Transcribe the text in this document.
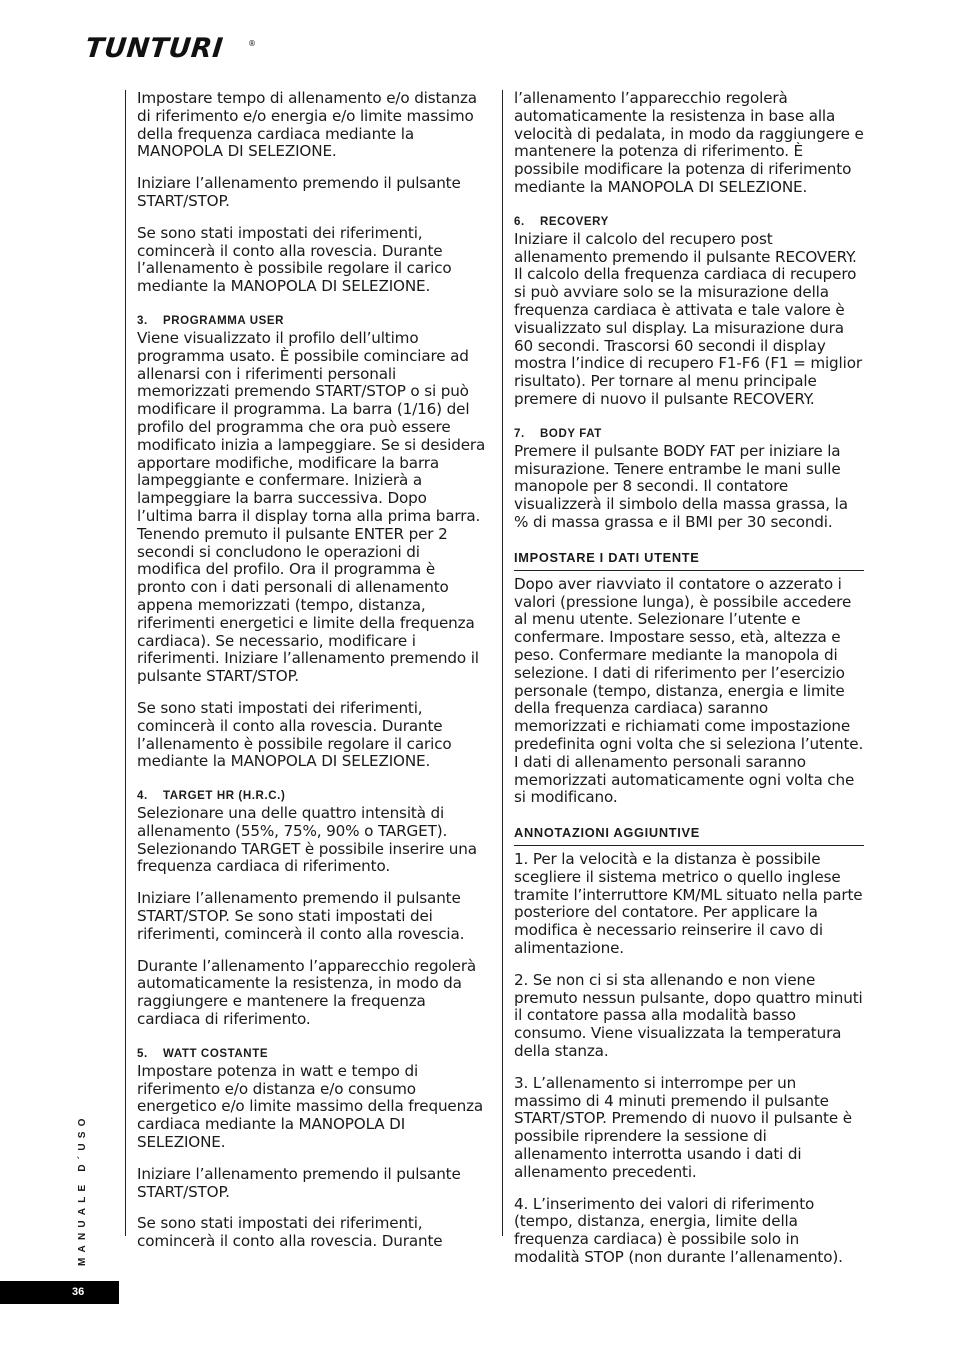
TUNTURI	®

Impostare tempo di allenamento e/o distanza di riferimento e/o energia e/o limite massimo della frequenza cardiaca mediante la MANOPOLA DI SELEZIONE.

Iniziare l’allenamento premendo il pulsante START/STOP.

Se sono stati impostati dei riferimenti, comincerà il conto alla rovescia. Durante l’allenamento è possibile regolare il carico mediante la MANOPOLA DI SELEZIONE.

3. PROGRAMMA USER

Viene visualizzato il profilo dell’ultimo programma usato. È possibile cominciare ad allenarsi con i riferimenti personali memorizzati premendo START/STOP o si può modificare il programma. La barra (1/16) del profilo del programma che ora può essere modificato inizia a lampeggiare. Se si desidera apportare modifiche, modificare la barra lampeggiante e confermare. Inizierà a lampeggiare la barra successiva. Dopo l’ultima barra il display torna alla prima barra. Tenendo premuto il pulsante ENTER per 2 secondi si concludono le operazioni di modifica del profilo. Ora il programma è pronto con i dati personali di allenamento appena memorizzati (tempo, distanza, riferimenti energetici e limite della frequenza cardiaca). Se necessario, modificare i riferimenti. Iniziare l’allenamento premendo il pulsante START/STOP.

Se sono stati impostati dei riferimenti, comincerà il conto alla rovescia. Durante l’allenamento è possibile regolare il carico mediante la MANOPOLA DI SELEZIONE.

4. TARGET HR (H.R.C.)

Selezionare una delle quattro intensità di allenamento (55%, 75%, 90% o TARGET). Selezionando TARGET è possibile inserire una frequenza cardiaca di riferimento.

Iniziare l’allenamento premendo il pulsante START/STOP. Se sono stati impostati dei riferimenti, comincerà il conto alla rovescia.

Durante l’allenamento l’apparecchio regolerà automaticamente la resistenza, in modo da raggiungere e mantenere la frequenza cardiaca di riferimento.

5. WATT COSTANTE

Impostare potenza in watt e tempo di riferimento e/o distanza e/o consumo energetico e/o limite massimo della frequenza cardiaca mediante la MANOPOLA DI SELEZIONE.

Iniziare l’allenamento premendo il pulsante START/STOP.

Se sono stati impostati dei riferimenti, comincerà il conto alla rovescia. Durante

l’allenamento l’apparecchio regolerà automaticamente la resistenza in base alla velocità di pedalata, in modo da raggiungere e mantenere la potenza di riferimento. È possibile modificare la potenza di riferimento mediante la MANOPOLA DI SELEZIONE.

6. RECOVERY

Iniziare il calcolo del recupero post allenamento premendo il pulsante RECOVERY. Il calcolo della frequenza cardiaca di recupero si può avviare solo se la misurazione della frequenza cardiaca è attivata e tale valore è visualizzato sul display. La misurazione dura 60 secondi. Trascorsi 60 secondi il display mostra l’indice di recupero F1-F6 (F1 = miglior risultato). Per tornare al menu principale premere di nuovo il pulsante RECOVERY.

7. BODY FAT

Premere il pulsante BODY FAT per iniziare la misurazione. Tenere entrambe le mani sulle manopole per 8 secondi. Il contatore visualizzerà il simbolo della massa grassa, la % di massa grassa e il BMI per 30 secondi.

IMPOSTARE I DATI UTENTE

Dopo aver riavviato il contatore o azzerato i valori (pressione lunga), è possibile accedere al menu utente. Selezionare l’utente e confermare. Impostare sesso, età, altezza e peso. Confermare mediante la manopola di selezione. I dati di riferimento per l’esercizio personale (tempo, distanza, energia e limite della frequenza cardiaca) saranno memorizzati e richiamati come impostazione predefinita ogni volta che si seleziona l’utente. I dati di allenamento personali saranno memorizzati automaticamente ogni volta che si modificano.

ANNOTAZIONI AGGIUNTIVE

1. Per la velocità e la distanza è possibile scegliere il sistema metrico o quello inglese tramite l’interruttore KM/ML situato nella parte posteriore del contatore. Per applicare la modifica è necessario reinserire il cavo di alimentazione.

2. Se non ci si sta allenando e non viene premuto nessun pulsante, dopo quattro minuti il contatore passa alla modalità basso consumo. Viene visualizzata la temperatura della stanza.

3. L’allenamento si interrompe per un massimo di 4 minuti premendo il pulsante START/STOP. Premendo di nuovo il pulsante è possibile riprendere la sessione di allenamento interrotta usando i dati di allenamento precedenti.

4. L’inserimento dei valori di riferimento (tempo, distanza, energia, limite della frequenza cardiaca) è possibile solo in modalità STOP (non durante l’allenamento).

MANUALE D´USO
36
